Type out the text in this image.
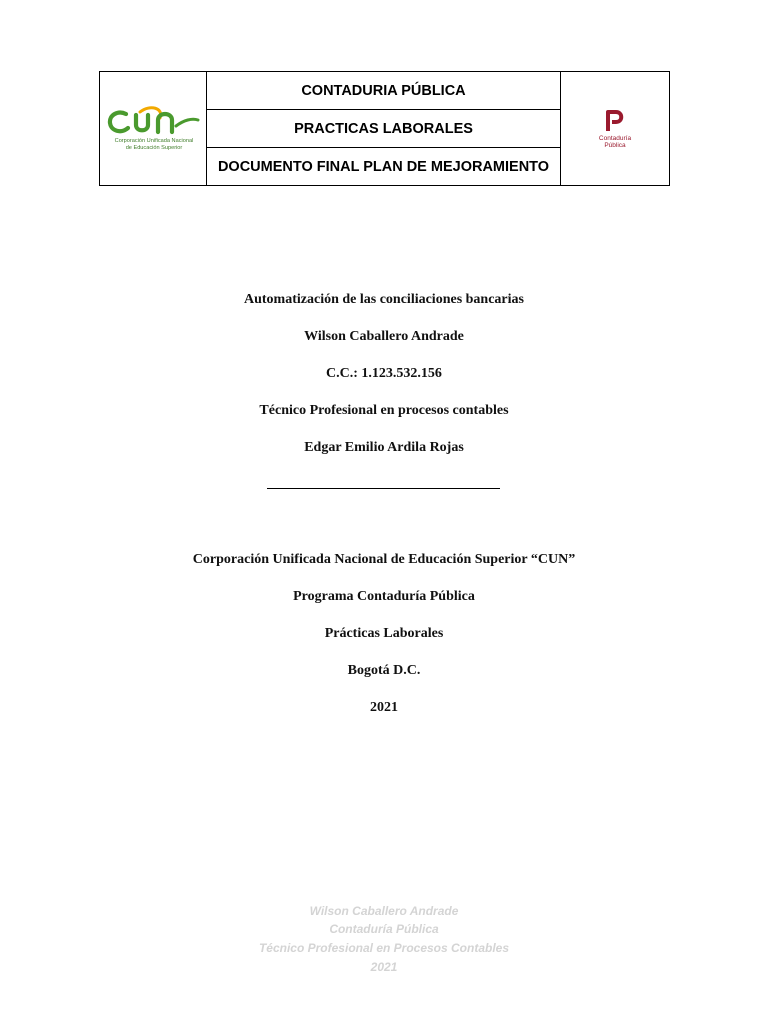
Corporación Unificada Nacional
de Educación Superior
	CONTADURIA PÚBLICA	
Contaduría
Pública

PRACTICAS LABORALES
DOCUMENTO FINAL PLAN DE MEJORAMIENTO
Automatización de las conciliaciones bancarias
Wilson Caballero Andrade
C.C.: 1.123.532.156
Técnico Profesional en procesos contables
Edgar Emilio Ardila Rojas
Corporación Unificada Nacional de Educación Superior “CUN”
Programa Contaduría Pública
Prácticas Laborales
Bogotá D.C.
2021
Wilson Caballero Andrade
Contaduría Pública
Técnico Profesional en Procesos Contables
2021
